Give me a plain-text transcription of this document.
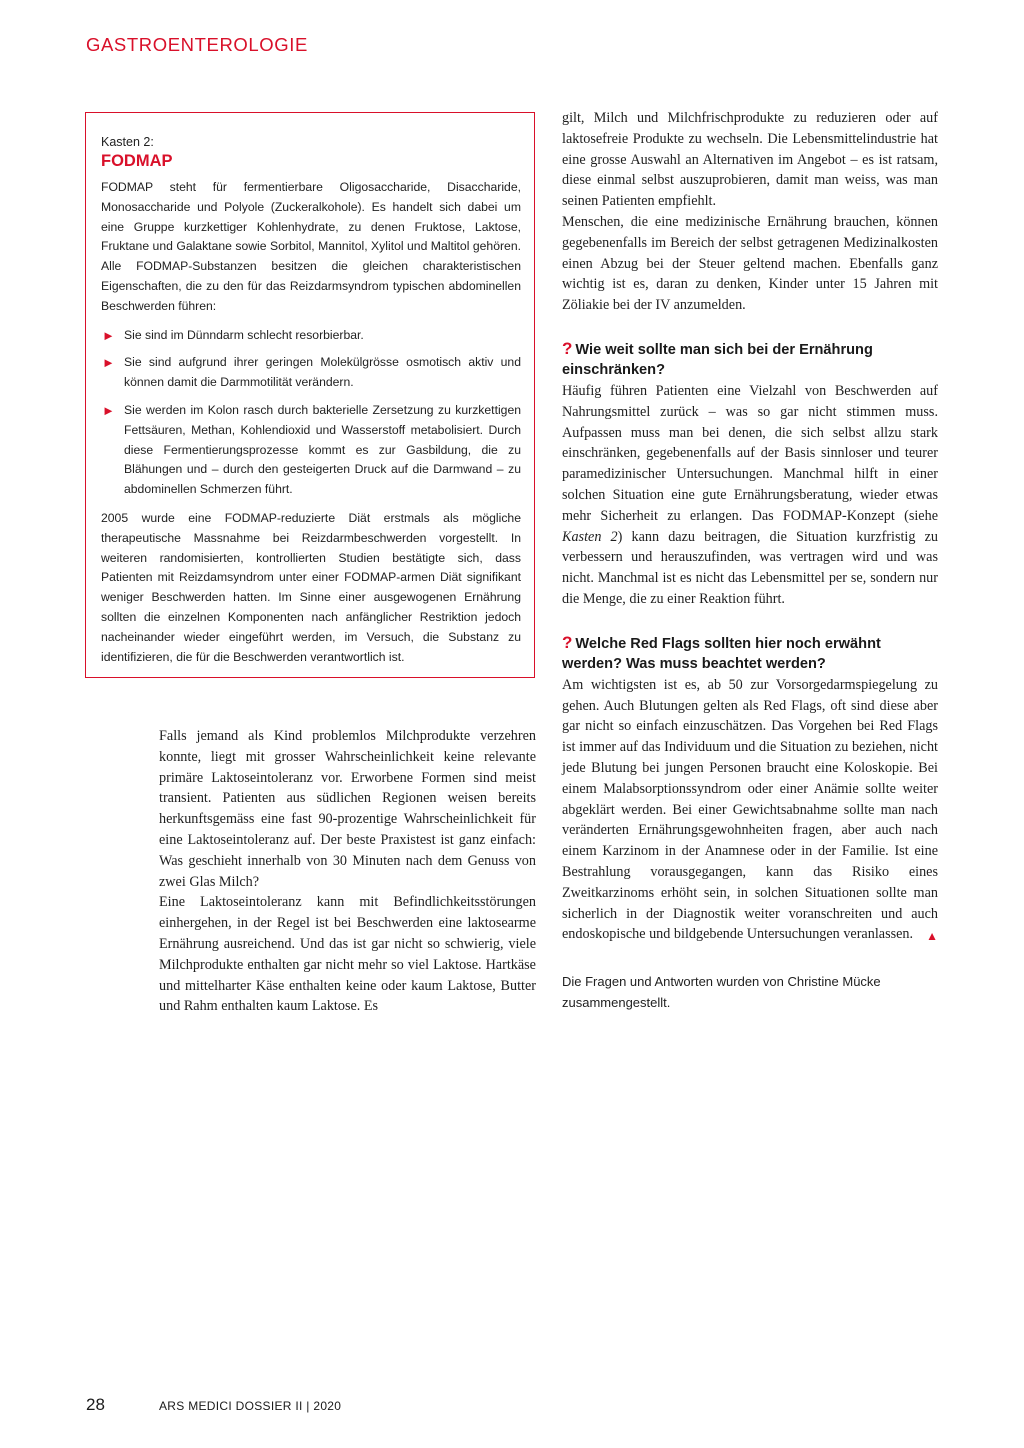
GASTROENTEROLOGIE
Kasten 2:
FODMAP

FODMAP steht für fermentierbare Oligosaccharide, Disaccharide, Monosaccharide und Polyole (Zuckeralkohole). Es handelt sich dabei um eine Gruppe kurzkettiger Kohlenhydrate, zu denen Fruktose, Laktose, Fruktane und Galaktane sowie Sorbitol, Mannitol, Xylitol und Maltitol gehören. Alle FODMAP-Substanzen besitzen die gleichen charakteristischen Eigenschaften, die zu den für das Reizdarmsyndrom typischen abdominellen Beschwerden führen:

► Sie sind im Dünndarm schlecht resorbierbar.
► Sie sind aufgrund ihrer geringen Molekülgrösse osmotisch aktiv und können damit die Darmmotilität verändern.
► Sie werden im Kolon rasch durch bakterielle Zersetzung zu kurzkettigen Fettsäuren, Methan, Kohlendioxid und Wasserstoff metabolisiert. Durch diese Fermentierungsprozesse kommt es zur Gasbildung, die zu Blähungen und – durch den gesteigerten Druck auf die Darmwand – zu abdominellen Schmerzen führt.

2005 wurde eine FODMAP-reduzierte Diät erstmals als mögliche therapeutische Massnahme bei Reizdarmbeschwerden vorgestellt. In weiteren randomisierten, kontrollierten Studien bestätigte sich, dass Patienten mit Reizdamsyndrom unter einer FODMAP-armen Diät signifikant weniger Beschwerden hatten. Im Sinne einer ausgewogenen Ernährung sollten die einzelnen Komponenten nach anfänglicher Restriktion jedoch nacheinander wieder eingeführt werden, im Versuch, die Substanz zu identifizieren, die für die Beschwerden verantwortlich ist.

Falls jemand als Kind problemlos Milchprodukte verzehren konnte, liegt mit grosser Wahrscheinlichkeit keine relevante primäre Laktoseintoleranz vor. Erworbene Formen sind meist transient. Patienten aus südlichen Regionen weisen bereits herkunftsgemäss eine fast 90-prozentige Wahrscheinlichkeit für eine Laktoseintoleranz auf. Der beste Praxistest ist ganz einfach: Was geschieht innerhalb von 30 Minuten nach dem Genuss von zwei Glas Milch?

Eine Laktoseintoleranz kann mit Befindlichkeitsstörungen einhergehen, in der Regel ist bei Beschwerden eine laktosearme Ernährung ausreichend. Und das ist gar nicht so schwierig, viele Milchprodukte enthalten gar nicht mehr so viel Laktose. Hartkäse und mittelharter Käse enthalten keine oder kaum Laktose, Butter und Rahm enthalten kaum Laktose. Es

gilt, Milch und Milchfrischprodukte zu reduzieren oder auf laktosefreie Produkte zu wechseln. Die Lebensmittelindustrie hat eine grosse Auswahl an Alternativen im Angebot – es ist ratsam, diese einmal selbst auszuprobieren, damit man weiss, was man seinen Patienten empfiehlt.

Menschen, die eine medizinische Ernährung brauchen, können gegebenenfalls im Bereich der selbst getragenen Medizinalkosten einen Abzug bei der Steuer geltend machen. Ebenfalls ganz wichtig ist es, daran zu denken, Kinder unter 15 Jahren mit Zöliakie bei der IV anzumelden.

? Wie weit sollte man sich bei der Ernährung einschränken?

Häufig führen Patienten eine Vielzahl von Beschwerden auf Nahrungsmittel zurück – was so gar nicht stimmen muss. Aufpassen muss man bei denen, die sich selbst allzu stark einschränken, gegebenenfalls auf der Basis sinnloser und teurer paramedizinischer Untersuchungen. Manchmal hilft in einer solchen Situation eine gute Ernährungsberatung, wieder etwas mehr Sicherheit zu erlangen. Das FODMAP-Konzept (siehe Kasten 2) kann dazu beitragen, die Situation kurzfristig zu verbessern und herauszufinden, was vertragen wird und was nicht. Manchmal ist es nicht das Lebensmittel per se, sondern nur die Menge, die zu einer Reaktion führt.

? Welche Red Flags sollten hier noch erwähnt werden? Was muss beachtet werden?

Am wichtigsten ist es, ab 50 zur Vorsorgedarmspiegelung zu gehen. Auch Blutungen gelten als Red Flags, oft sind diese aber gar nicht so einfach einzuschätzen. Das Vorgehen bei Red Flags ist immer auf das Individuum und die Situation zu beziehen, nicht jede Blutung bei jungen Personen braucht eine Koloskopie. Bei einem Malabsorptionssyndrom oder einer Anämie sollte weiter abgeklärt werden. Bei einer Gewichtsabnahme sollte man nach veränderten Ernährungsgewohnheiten fragen, aber auch nach einem Karzinom in der Anamnese oder in der Familie. Ist eine Bestrahlung vorausgegangen, kann das Risiko eines Zweitkarzinoms erhöht sein, in solchen Situationen sollte man sicherlich in der Diagnostik weiter voranschreiten und auch endoskopische und bildgebende Untersuchungen veranlassen. ▲

Die Fragen und Antworten wurden von Christine Mücke zusammengestellt.

28	ARS MEDICI DOSSIER II | 2020
